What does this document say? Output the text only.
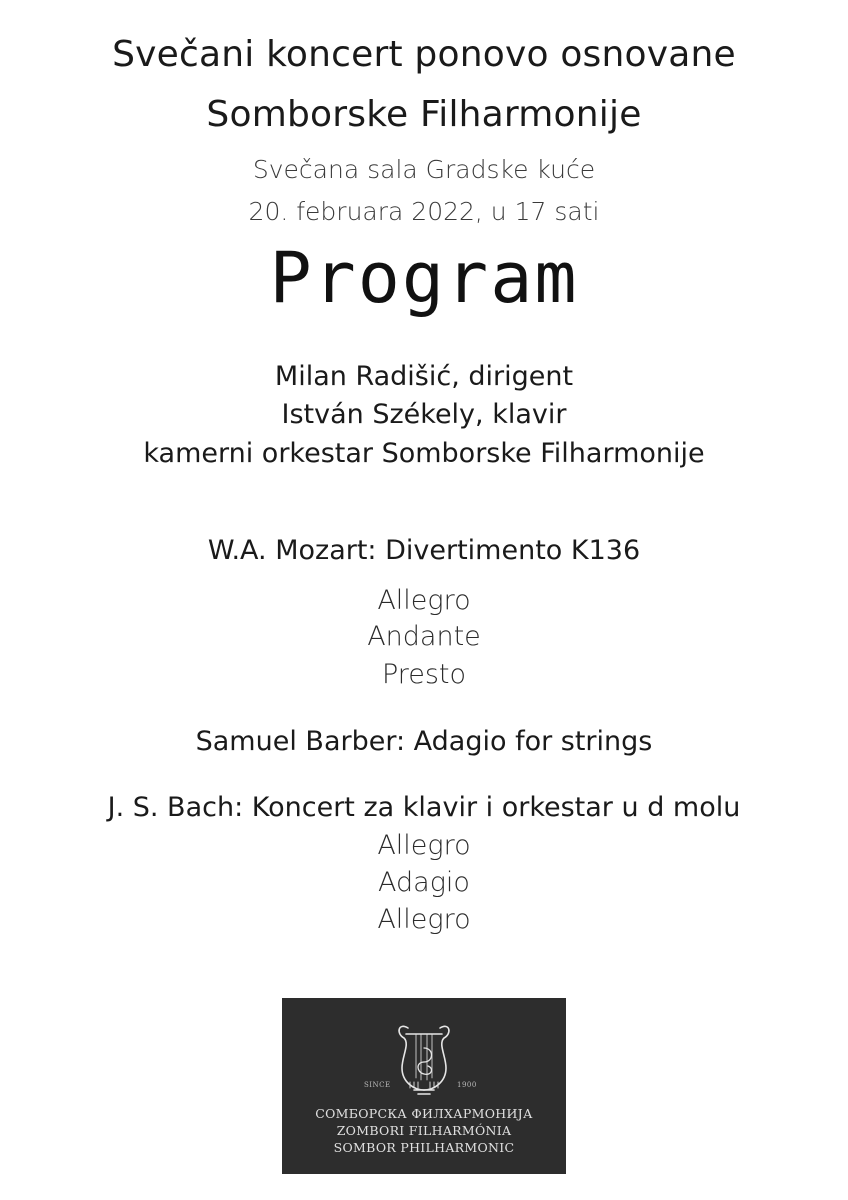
Svečani koncert ponovo osnovane
Somborske Filharmonije
Svečana sala Gradske kuće
20. februara 2022, u 17 sati
Program
Milan Radišić, dirigent
István Székely, klavir
kamerni orkestar Somborske Filharmonije
W.A. Mozart: Divertimento K136
Allegro
Andante
Presto
Samuel Barber: Adagio for strings
J. S. Bach: Koncert za klavir i orkestar u d molu
Allegro
Adagio
Allegro
SINCE	1900
СОМБОРСКА ФИЛХАРМОНИЈА
ZOMBORI FILHARMÓNIA
SOMBOR PHILHARMONIC
